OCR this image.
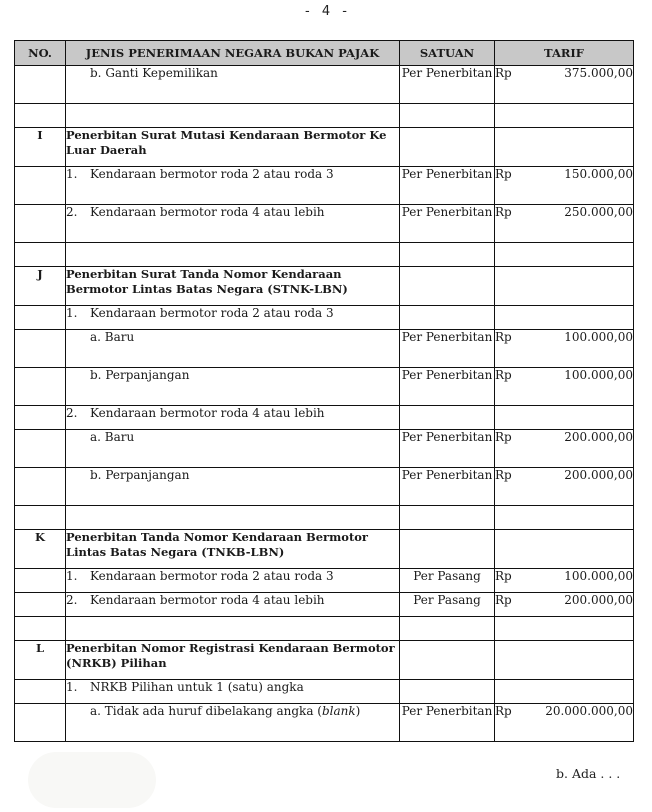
- 4 -
NO.	JENIS PENERIMAAN NEGARA BUKAN PAJAK	SATUAN	TARIF

	b. Ganti Kepemilikan	Per Penerbitan	Rp 375.000,00

I	Penerbitan Surat Mutasi Kendaraan Bermotor Ke Luar Daerah		
	1. Kendaraan bermotor roda 2 atau roda 3	Per Penerbitan	Rp 150.000,00

	2. Kendaraan bermotor roda 4 atau lebih	Per Penerbitan	Rp 250.000,00

J	Penerbitan Surat Tanda Nomor Kendaraan Bermotor Lintas Batas Negara (STNK-LBN)		
	1. Kendaraan bermotor roda 2 atau roda 3		

	a. Baru	Per Penerbitan	Rp 100.000,00

	b. Perpanjangan	Per Penerbitan	Rp 100.000,00

	2. Kendaraan bermotor roda 4 atau lebih		

	a. Baru	Per Penerbitan	Rp 200.000,00

	b. Perpanjangan	Per Penerbitan	Rp 200.000,00

K	Penerbitan Tanda Nomor Kendaraan Bermotor Lintas Batas Negara (TNKB-LBN)		
	1. Kendaraan bermotor roda 2 atau roda 3	Per Pasang	Rp 100.000,00

	2. Kendaraan bermotor roda 4 atau lebih	Per Pasang	Rp 200.000,00

L	Penerbitan Nomor Registrasi Kendaraan Bermotor (NRKB) Pilihan		
	1. NRKB Pilihan untuk 1 (satu) angka		

	a. Tidak ada huruf dibelakang angka (blank)	Per Penerbitan	Rp 20.000.000,00
b. Ada . . .
